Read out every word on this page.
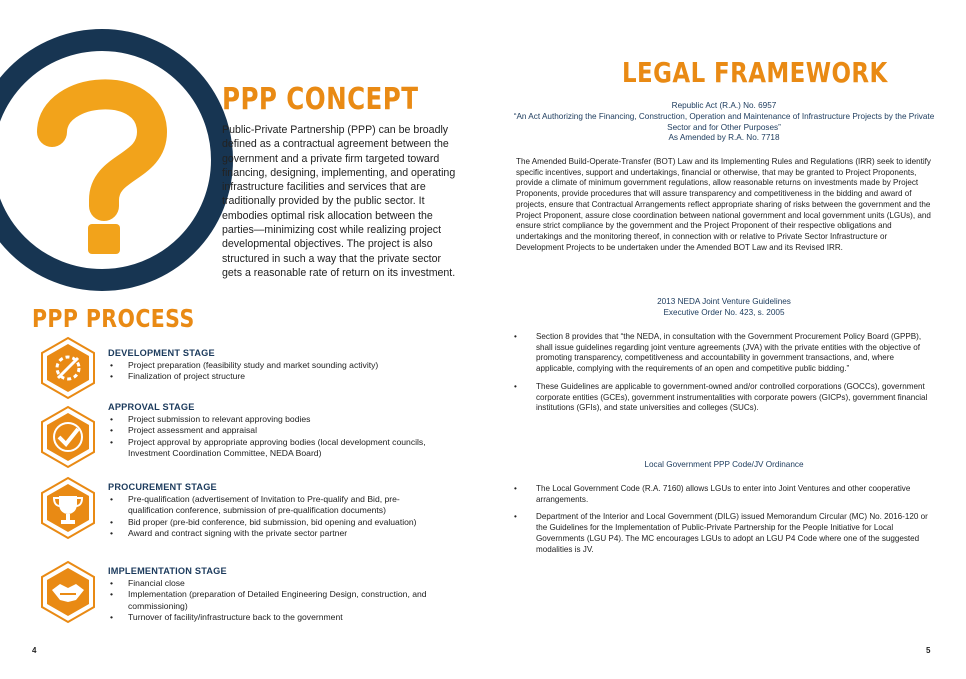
PPP CONCEPT
Public-Private Partnership (PPP) can be broadly defined as a contractual agreement between the government and a private firm targeted toward financing, designing, implementing, and operating infrastructure facilities and services that are traditionally provided by the public sector. It embodies optimal risk allocation between the parties—minimizing cost while realizing project developmental objectives. The project is also structured in such a way that the private sector gets a reasonable rate of return on its investment.
PPP PROCESS
DEVELOPMENT STAGE
• Project preparation (feasibility study and market sounding activity)
• Finalization of project structure
APPROVAL STAGE
• Project submission to relevant approving bodies
• Project assessment and appraisal
• Project approval by appropriate approving bodies (local development councils, Investment Coordination Committee, NEDA Board)
PROCUREMENT STAGE
• Pre-qualification (advertisement of Invitation to Pre-qualify and Bid, pre-qualification conference, submission of pre-qualification documents)
• Bid proper (pre-bid conference, bid submission, bid opening and evaluation)
• Award and contract signing with the private sector partner
IMPLEMENTATION STAGE
• Financial close
• Implementation (preparation of Detailed Engineering Design, construction, and commissioning)
• Turnover of facility/infrastructure back to the government
4
LEGAL FRAMEWORK
Republic Act (R.A.) No. 6957
“An Act Authorizing the Financing, Construction, Operation and Maintenance of Infrastructure Projects by the Private Sector and for Other Purposes”
As Amended by R.A. No. 7718
The Amended Build-Operate-Transfer (BOT) Law and its Implementing Rules and Regulations (IRR) seek to identify specific incentives, support and undertakings, financial or otherwise, that may be granted to Project Proponents, provide a climate of minimum government regulations, allow reasonable returns on investments made by Project Proponents, provide procedures that will assure transparency and competitiveness in the bidding and award of projects, ensure that Contractual Arrangements reflect appropriate sharing of risks between the government and the Project Proponent, assure close coordination between national government and local government units (LGUs), and ensure strict compliance by the government and the Project Proponent of their respective obligations and undertakings and the monitoring thereof, in connection with or relative to Private Sector Infrastructure or Development Projects to be undertaken under the Amended BOT Law and its Revised IRR.
2013 NEDA Joint Venture Guidelines
Executive Order No. 423, s. 2005
• Section 8 provides that “the NEDA, in consultation with the Government Procurement Policy Board (GPPB), shall issue guidelines regarding joint venture agreements (JVA) with the private entities with the objective of promoting transparency, competitiveness and accountability in government transactions, and, where applicable, complying with the requirements of an open and competitive public bidding.”
• These Guidelines are applicable to government-owned and/or controlled corporations (GOCCs), government corporate entities (GCEs), government instrumentalities with corporate powers (GICPs), government financial institutions (GFIs), and state universities and colleges (SUCs).
Local Government PPP Code/JV Ordinance
• The Local Government Code (R.A. 7160) allows LGUs to enter into Joint Ventures and other cooperative arrangements.
• Department of the Interior and Local Government (DILG) issued Memorandum Circular (MC) No. 2016-120 or the Guidelines for the Implementation of Public-Private Partnership for the People Initiative for Local Governments (LGU P4). The MC encourages LGUs to adopt an LGU P4 Code where one of the suggested modalities is JV.
5
